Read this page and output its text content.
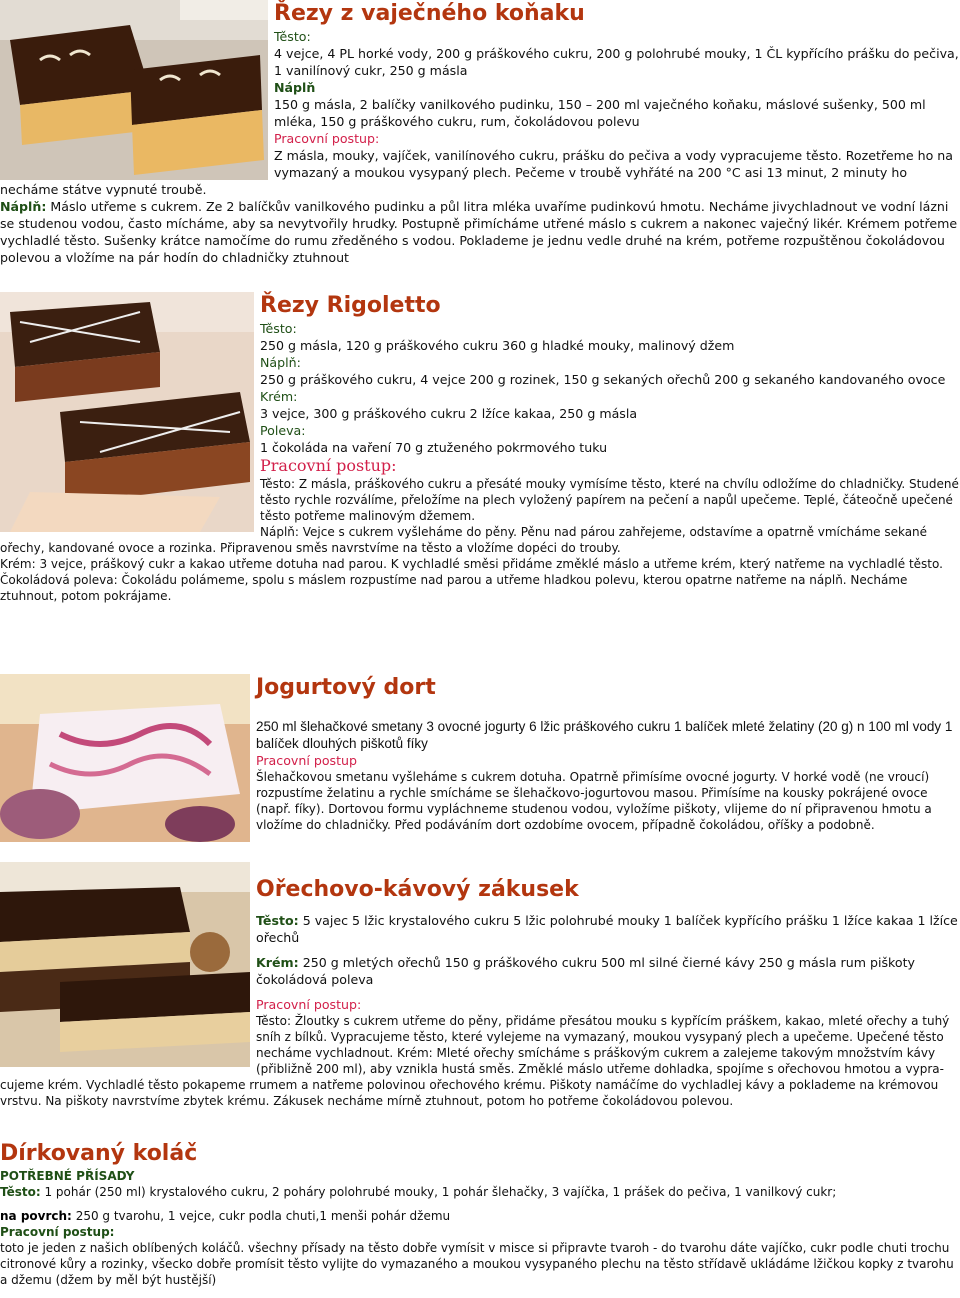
Řezy z vaječného koňaku

Těsto:

4 vejce, 4 PL horké vody, 200 g práškového cukru, 200 g polohrubé mouky, 1 ČL kypřícího prášku do pečiva, 1 vanilínový cukr, 250 g másla

Náplň

150 g másla, 2 balíčky vanilkového pudinku, 150 – 200 ml vaječného koňaku, máslové sušenky, 500 ml mléka, 150 g práškového cukru, rum, čokoládovou polevu

Pracovní postup:

Z másla, mouky, vajíček, vanilínového cukru, prášku do pečiva a vody vypracujeme těsto. Rozetřeme ho na vymazaný a moukou vysypaný plech. Pečeme v troubě vyhřáté na 200 °C asi 13 minut, 2 minuty ho necháme státve vypnuté troubě.

Náplň: Máslo utřeme s cukrem. Ze 2 balíčkův vanilkového pudinku a půl litra mléka uvaříme pudinkovú hmotu. Necháme jivychladnout ve vodní lázni se studenou vodou, často mícháme, aby sa nevytvořily hrudky. Postupně přimícháme utřené máslo s cukrem a nakonec vaječný likér. Krémem potřeme vychladlé těsto. Sušenky krátce namočíme do rumu zředěného s vodou. Poklademe je jednu vedle druhé na krém, potřeme rozpuštěnou čokoládovou polevou a vložíme na pár hodín do chladničky ztuhnout

Řezy Rigoletto

Těsto:

250 g másla, 120 g práškového cukru 360 g hladké mouky, malinový džem

Náplň:

250 g práškového cukru, 4 vejce 200 g rozinek, 150 g sekaných ořechů 200 g sekaného kandovaného ovoce

Krém:

3 vejce, 300 g práškového cukru 2 lžíce kakaa, 250 g másla

Poleva:

1 čokoláda na vaření 70 g ztuženého pokrmového tuku

Pracovní postup:

Těsto: Z másla, práškového cukru a přesáté mouky vymísíme těsto, které na chvílu odložíme do chladničky. Studené těsto rychle rozválíme, přeložíme na plech vyložený papírem na pečení a napůl upečeme. Teplé, čáteočně upečené těsto potřeme malinovým džemem.

Náplň: Vejce s cukrem vyšleháme do pěny. Pěnu nad párou zahřejeme, odstavíme a opatrně vmícháme sekané ořechy, kandované ovoce a rozinka. Připravenou směs navrstvíme na těsto a vložíme dopéci do trouby.

Krém: 3 vejce, práškový cukr a kakao utřeme dotuha nad parou. K vychladlé směsi přidáme změklé máslo a utřeme krém, který natřeme na vychladlé těsto.

Čokoládová poleva: Čokoládu polámeme, spolu s máslem rozpustíme nad parou a utřeme hladkou polevu, kterou opatrne natřeme na náplň. Necháme ztuhnout, potom pokrájame.

Jogurtový dort

250 ml šlehačkové smetany 3 ovocné jogurty 6 lžic práškového cukru 1 balíček mleté želatiny (20 g) n 100 ml vody 1 balíček dlouhých piškotů fíky

Pracovní postup

Šlehačkovou smetanu vyšleháme s cukrem dotuha. Opatrně přimísíme ovocné jogurty. V horké vodě (ne vroucí) rozpustíme želatinu a rychle smícháme se šlehačkovo-jogurtovou masou. Přimísíme na kousky pokrájené ovoce (např. fíky). Dortovou formu vypláchneme studenou vodou, vyložíme piškoty, vlijeme do ní připravenou hmotu a vložíme do chladničky. Před podáváním dort ozdobíme ovocem, případně čokoládou, oříšky a podobně.

Ořechovo-kávový zákusek

Těsto: 5 vajec 5 lžic krystalového cukru 5 lžic polohrubé mouky 1 balíček kypřícího prášku 1 lžíce kakaa 1 lžíce ořechů

Krém: 250 g mletých ořechů 150 g práškového cukru 500 ml silné čierné kávy 250 g másla rum piškoty čokoládová poleva

Pracovní postup:

Těsto: Žloutky s cukrem utřeme do pěny, přidáme přesátou mouku s kypřícím práškem, kakao, mleté ořechy a tuhý sníh z bílků. Vypracujeme těsto, které vylejeme na vymazaný, moukou vysypaný plech a upečeme. Upečené těsto necháme vychladnout. Krém: Mleté ořechy smícháme s práškovým cukrem a zalejeme takovým množstvím kávy (přibližně 200 ml), aby vznikla hustá směs. Změklé máslo utřeme dohladka, spojíme s ořechovou hmotou a vypra-cujeme krém. Vychladlé těsto pokapeme rrumem a natřeme polovinou ořechového krému. Piškoty namáčíme do vychladlej kávy a poklademe na krémovou vrstvu. Na piškoty navrstvíme zbytek krému. Zákusek necháme mírně ztuhnout, potom ho potřeme čokoládovou polevou.

Dírkovaný koláč

POTŘEBNÉ PŘÍSADY

Těsto: 1 pohár (250 ml) krystalového cukru, 2 poháry polohrubé mouky, 1 pohár šlehačky, 3 vajíčka, 1 prášek do pečiva, 1 vanilkový cukr;

na povrch: 250 g tvarohu, 1 vejce, cukr podla chuti,1 menši pohár džemu

Pracovní postup:

toto je jeden z našich oblíbených koláčů. všechny přísady na těsto dobře vymísit v misce si připravte tvaroh - do tvarohu dáte vajíčko, cukr podle chuti trochu citronové kůry a rozinky, všecko dobře promísit těsto vylijte do vymazaného a moukou vysypaného plechu na těsto střídavě ukládáme lžičkou kopky z tvarohu a džemu (džem by měl být hustější)
